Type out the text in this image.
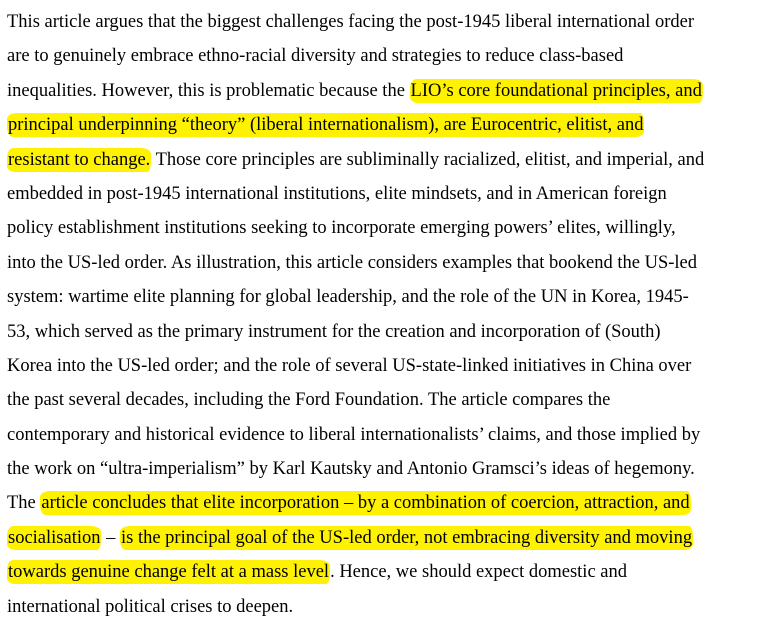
This article argues that the biggest challenges facing the post-1945 liberal international order
are to genuinely embrace ethno-racial diversity and strategies to reduce class-based
inequalities. However, this is problematic because the LIO’s core foundational principles, and
principal underpinning “theory” (liberal internationalism), are Eurocentric, elitist, and
resistant to change. Those core principles are subliminally racialized, elitist, and imperial, and
embedded in post-1945 international institutions, elite mindsets, and in American foreign
policy establishment institutions seeking to incorporate emerging powers’ elites, willingly,
into the US-led order. As illustration, this article considers examples that bookend the US-led
system: wartime elite planning for global leadership, and the role of the UN in Korea, 1945-
53, which served as the primary instrument for the creation and incorporation of (South)
Korea into the US-led order; and the role of several US-state-linked initiatives in China over
the past several decades, including the Ford Foundation. The article compares the
contemporary and historical evidence to liberal internationalists’ claims, and those implied by
the work on “ultra-imperialism” by Karl Kautsky and Antonio Gramsci’s ideas of hegemony.
The article concludes that elite incorporation – by a combination of coercion, attraction, and
socialisation – is the principal goal of the US-led order, not embracing diversity and moving
towards genuine change felt at a mass level. Hence, we should expect domestic and
international political crises to deepen.
